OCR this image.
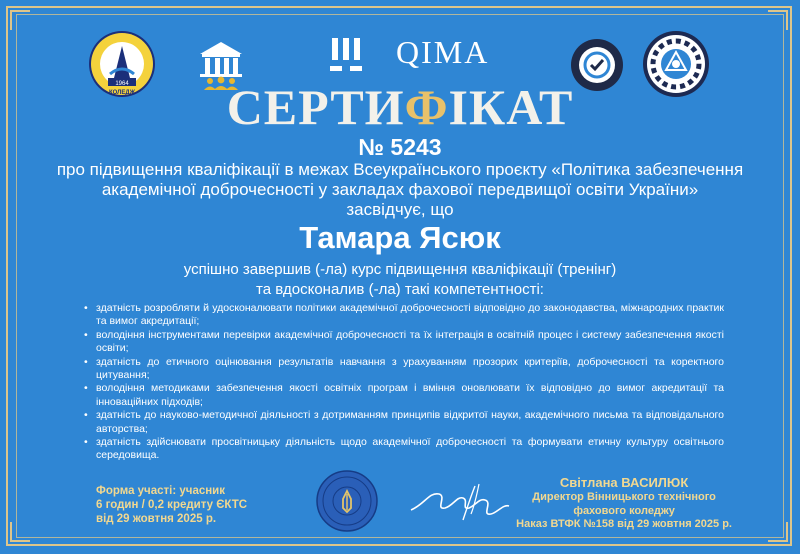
1964
КОЛЕДЖ
QIMA
СЕРТИФІКАТ
№ 5243
про підвищення кваліфікації в межах Всеукраїнського проєкту «Політика забезпечення
академічної доброчесності у закладах фахової передвищої освіти України»
засвідчує, що
Тамара Ясюк
успішно завершив (-ла) курс підвищення кваліфікації (тренінг)
та вдосконалив (-ла) такі компетентності:
• здатність розробляти й удосконалювати політики академічної доброчесності відповідно до законодавства, міжнародних практик та вимог акредитації;
• володіння інструментами перевірки академічної доброчесності та їх інтеграція в освітній процес і систему забезпечення якості освіти;
• здатність до етичного оцінювання результатів навчання з урахуванням прозорих критеріїв, доброчесності та коректного цитування;
• володіння методиками забезпечення якості освітніх програм і вміння оновлювати їх відповідно до вимог акредитації та інноваційних підходів;
• здатність до науково-методичної діяльності з дотриманням принципів відкритої науки, академічного письма та відповідального авторства;
• здатність здійснювати просвітницьку діяльність щодо академічної доброчесності та формувати етичну культуру освітнього середовища.
Форма участі: учасник
6 годин / 0,2 кредиту ЄКТС
від 29 жовтня 2025 р.
Світлана ВАСИЛЮК
Директор Вінницького технічного
фахового коледжу
Наказ ВТФК №158 від 29 жовтня 2025 р.
